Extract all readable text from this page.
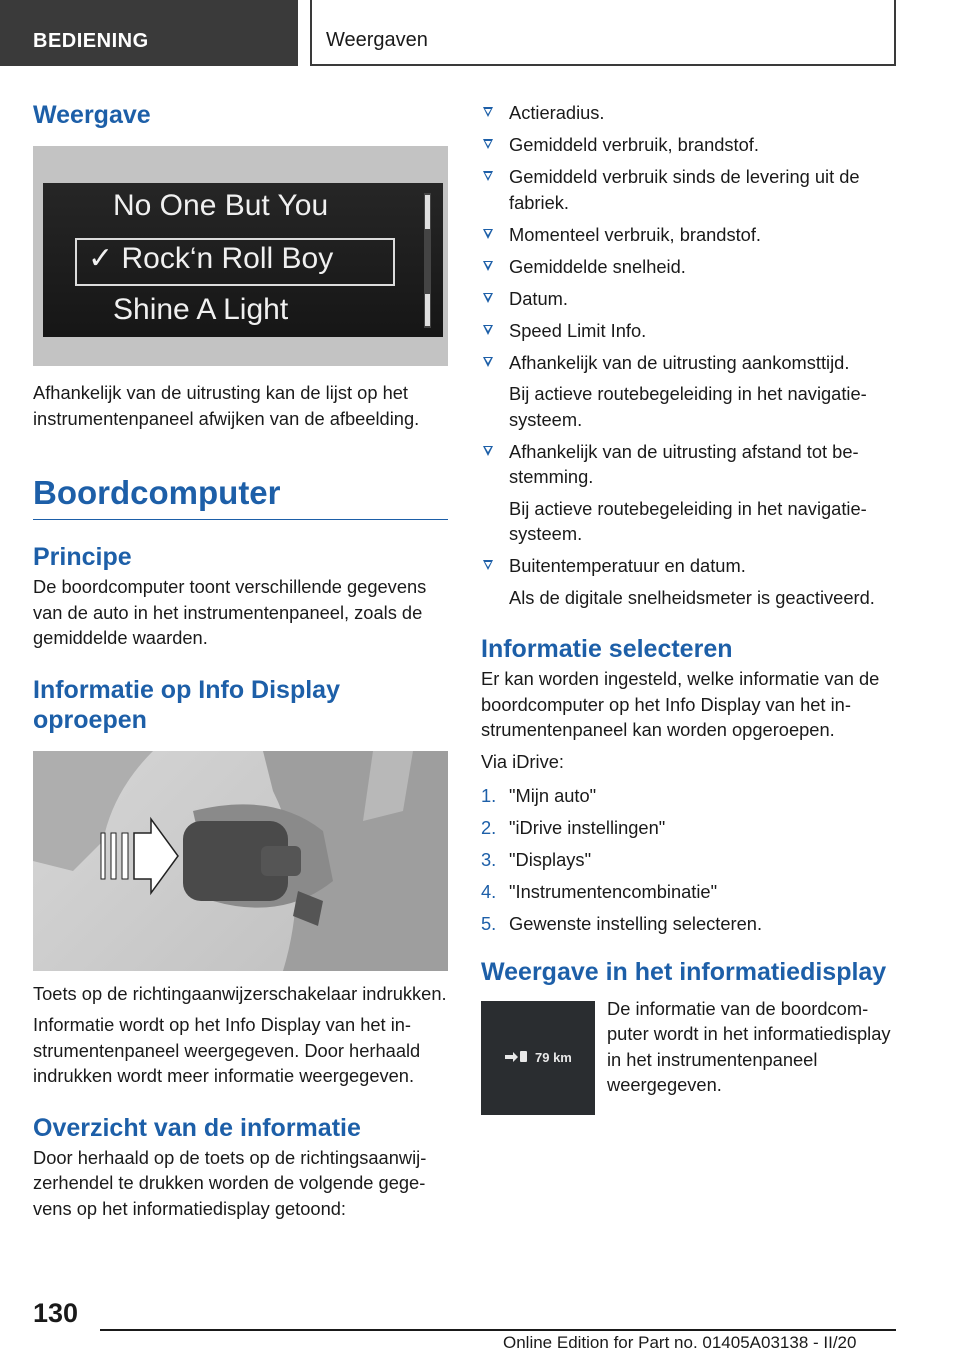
BEDIENING	Weergaven
Weergave
No One But You
✓ Rock‘n Roll Boy
Shine A Light

Afhankelijk van de uitrusting kan de lijst op het instrumentenpaneel afwijken van de afbeelding.

Boordcomputer
Principe

De boordcomputer toont verschillende gegevens van de auto in het instrumentenpaneel, zoals de gemiddelde waarden.

Informatie op Info Display oproepen

Toets op de richtingaanwijzerschakelaar indrukken.

Informatie wordt op het Info Display van het instrumentenpaneel weergegeven. Door herhaald indrukken wordt meer informatie weergegeven.

Overzicht van de informatie

Door herhaald op de toets op de richtingsaanwijzerhendel te drukken worden de volgende gegevens op het informatiedisplay getoond:

Actieradius.
Gemiddeld verbruik, brandstof.
Gemiddeld verbruik sinds de levering uit de fabriek.
Momenteel verbruik, brandstof.
Gemiddelde snelheid.
Datum.
Speed Limit Info.
Afhankelijk van de uitrusting aankomsttijd.
Bij actieve routebegeleiding in het navigatiesysteem.
Afhankelijk van de uitrusting afstand tot bestemming.
Bij actieve routebegeleiding in het navigatiesysteem.
Buitentemperatuur en datum.
Als de digitale snelheidsmeter is geactiveerd.
Informatie selecteren

Er kan worden ingesteld, welke informatie van de boordcomputer op het Info Display van het instrumentenpaneel kan worden opgeroepen.

Via iDrive:

1. "Mijn auto"
2. "iDrive instellingen"
3. "Displays"
4. "Instrumentencombinatie"
5. Gewenste instelling selecteren.
Weergave in het informatiedisplay
79 km

De informatie van de boordcomputer wordt in het informatiedisplay in het instrumentenpaneel weergegeven.

130
Online Edition for Part no. 01405A03138 - II/20
